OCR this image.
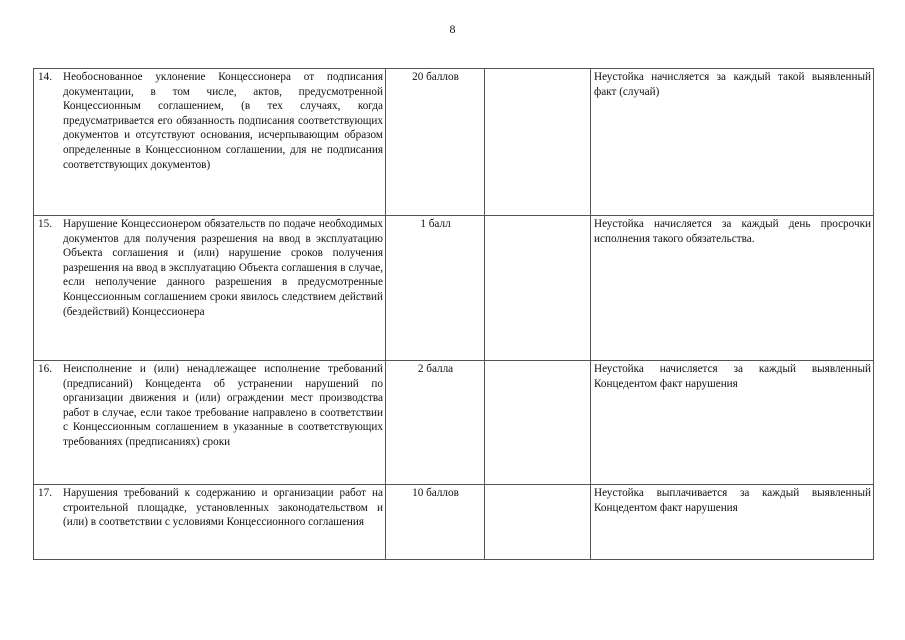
8
14. Необоснованное уклонение Концессионера от подписания документации, в том числе, актов, предусмотренной Концессионным соглашением, (в тех случаях, когда предусматривается его обязанность подписания соответствующих документов и отсутствуют основания, исчерпывающим образом определенные в Концессионном соглашении, для не подписания соответствующих документов)	20 баллов		Неустойка начисляется за каждый такой выявленный факт (случай)

15. Нарушение Концессионером обязательств по подаче необходимых документов для получения разрешения на ввод в эксплуатацию Объекта соглашения и (или) нарушение сроков получения разрешения на ввод в эксплуатацию Объекта соглашения в случае, если неполучение данного разрешения в предусмотренные Концессионным соглашением сроки явилось следствием действий (бездействий) Концессионера	1 балл		Неустойка начисляется за каждый день просрочки исполнения такого обязательства.

16. Неисполнение и (или) ненадлежащее исполнение требований (предписаний) Концедента об устранении нарушений по организации движения и (или) ограждении мест производства работ в случае, если такое требование направлено в соответствии с Концессионным соглашением в указанные в соответствующих требованиях (предписаниях) сроки	2 балла		Неустойка начисляется за каждый выявленный Концедентом факт нарушения

17. Нарушения требований к содержанию и организации работ на строительной площадке, установленных законодательством и (или) в соответствии с условиями Концессионного соглашения	10 баллов		Неустойка выплачивается за каждый выявленный Концедентом факт нарушения
